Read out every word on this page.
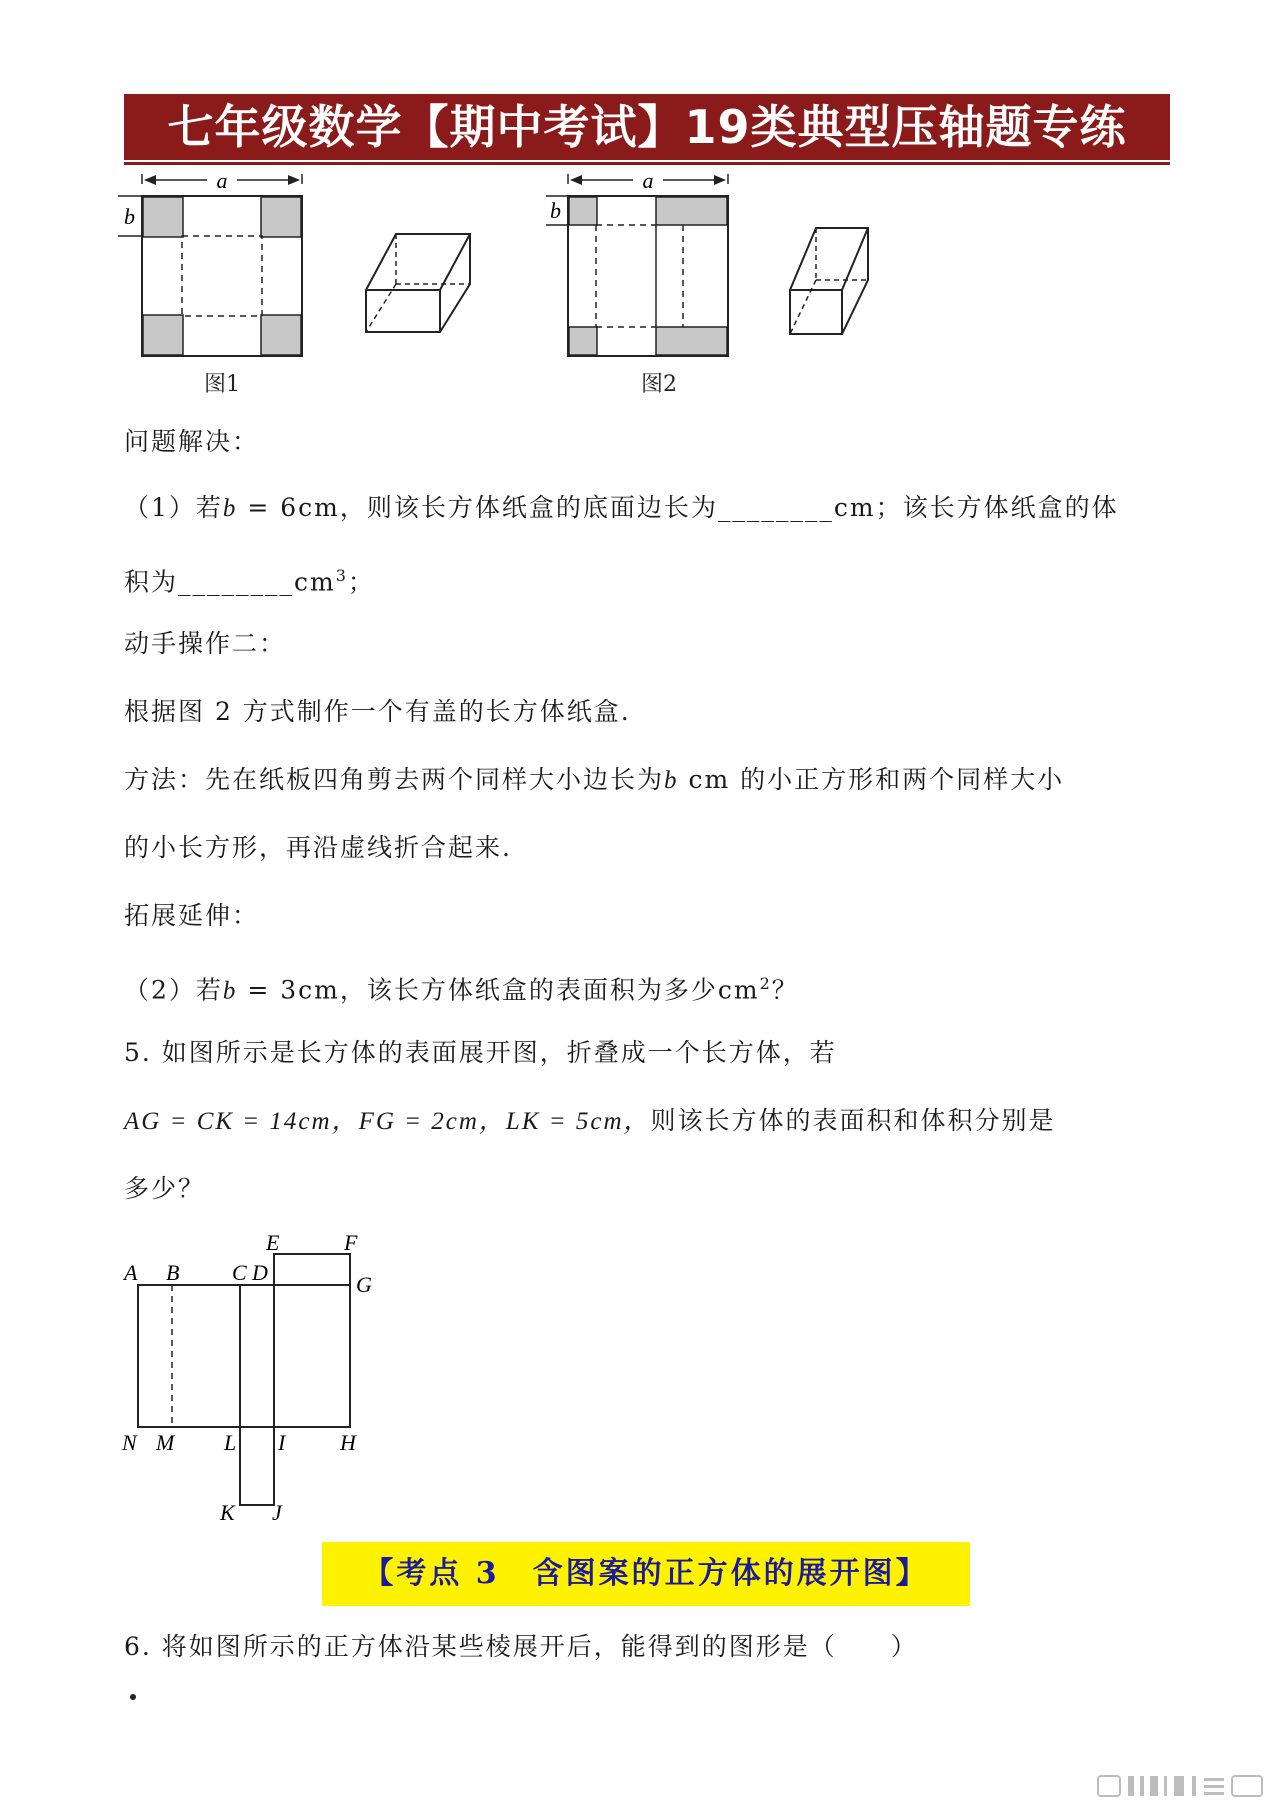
七年级数学【期中考试】19类典型压轴题专练
a
b
图1
a
b
图2
问题解决：
（1）若b = 6cm，则该长方体纸盒的底面边长为________cm；该长方体纸盒的体
积为$\_\_\_\_\_\_\_\_cm^3$；
动手操作二：
根据图 2 方式制作一个有盖的长方体纸盒.
方法：先在纸板四角剪去两个同样大小边长为b cm 的小正方形和两个同样大小
的小长方形，再沿虚线折合起来.
拓展延伸：
（2）若b = 3cm，该长方体纸盒的表面积为多少$cm^2$？
5. 如图所示是长方体的表面展开图，折叠成一个长方体，若
AG = CK = 14cm，FG = 2cm，LK = 5cm，则该长方体的表面积和体积分别是
多少？
E	F
A B C D	G
N M L I H
K J
【考点 3　含图案的正方体的展开图】
6. 将如图所示的正方体沿某些棱展开后，能得到的图形是（　　）
